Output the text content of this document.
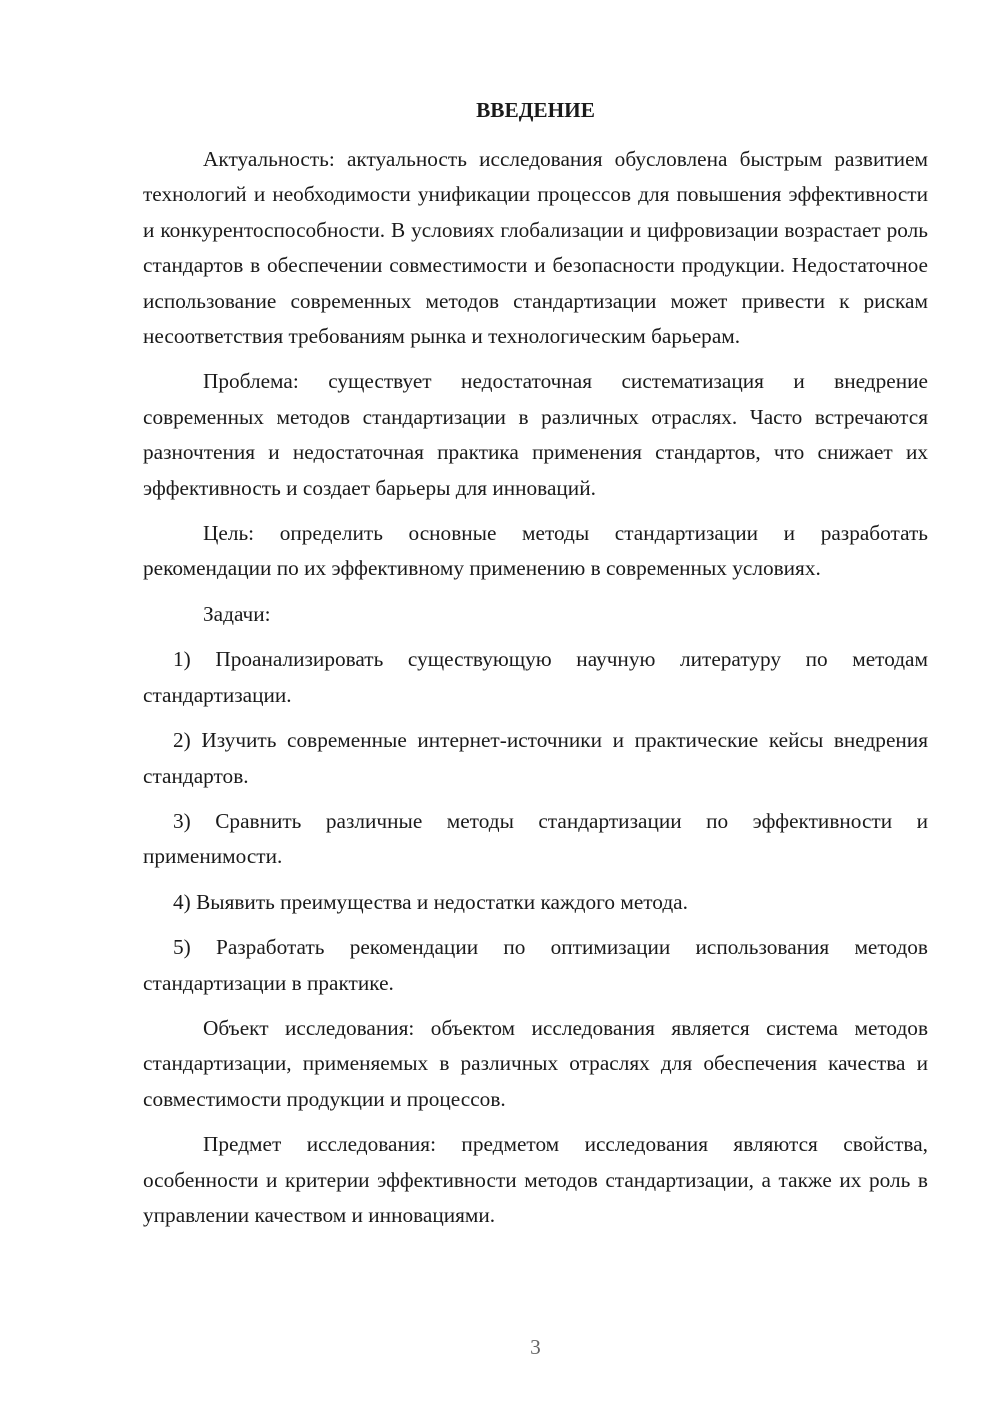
ВВЕДЕНИЕ

Актуальность: актуальность исследования обусловлена быстрым развитием технологий и необходимости унификации процессов для повышения эффективности и конкурентоспособности. В условиях глобализации и цифровизации возрастает роль стандартов в обеспечении совместимости и безопасности продукции. Недостаточное использование современных методов стандартизации может привести к рискам несоответствия требованиям рынка и технологическим барьерам.

Проблема: существует недостаточная систематизация и внедрение современных методов стандартизации в различных отраслях. Часто встречаются разночтения и недостаточная практика применения стандартов, что снижает их эффективность и создает барьеры для инноваций.

Цель: определить основные методы стандартизации и разработать рекомендации по их эффективному применению в современных условиях.

Задачи:

1) Проанализировать существующую научную литературу по методам стандартизации.

2) Изучить современные интернет-источники и практические кейсы внедрения стандартов.

3) Сравнить различные методы стандартизации по эффективности и применимости.

4) Выявить преимущества и недостатки каждого метода.

5) Разработать рекомендации по оптимизации использования методов стандартизации в практике.

Объект исследования: объектом исследования является система методов стандартизации, применяемых в различных отраслях для обеспечения качества и совместимости продукции и процессов.

Предмет исследования: предметом исследования являются свойства, особенности и критерии эффективности методов стандартизации, а также их роль в управлении качеством и инновациями.

3
